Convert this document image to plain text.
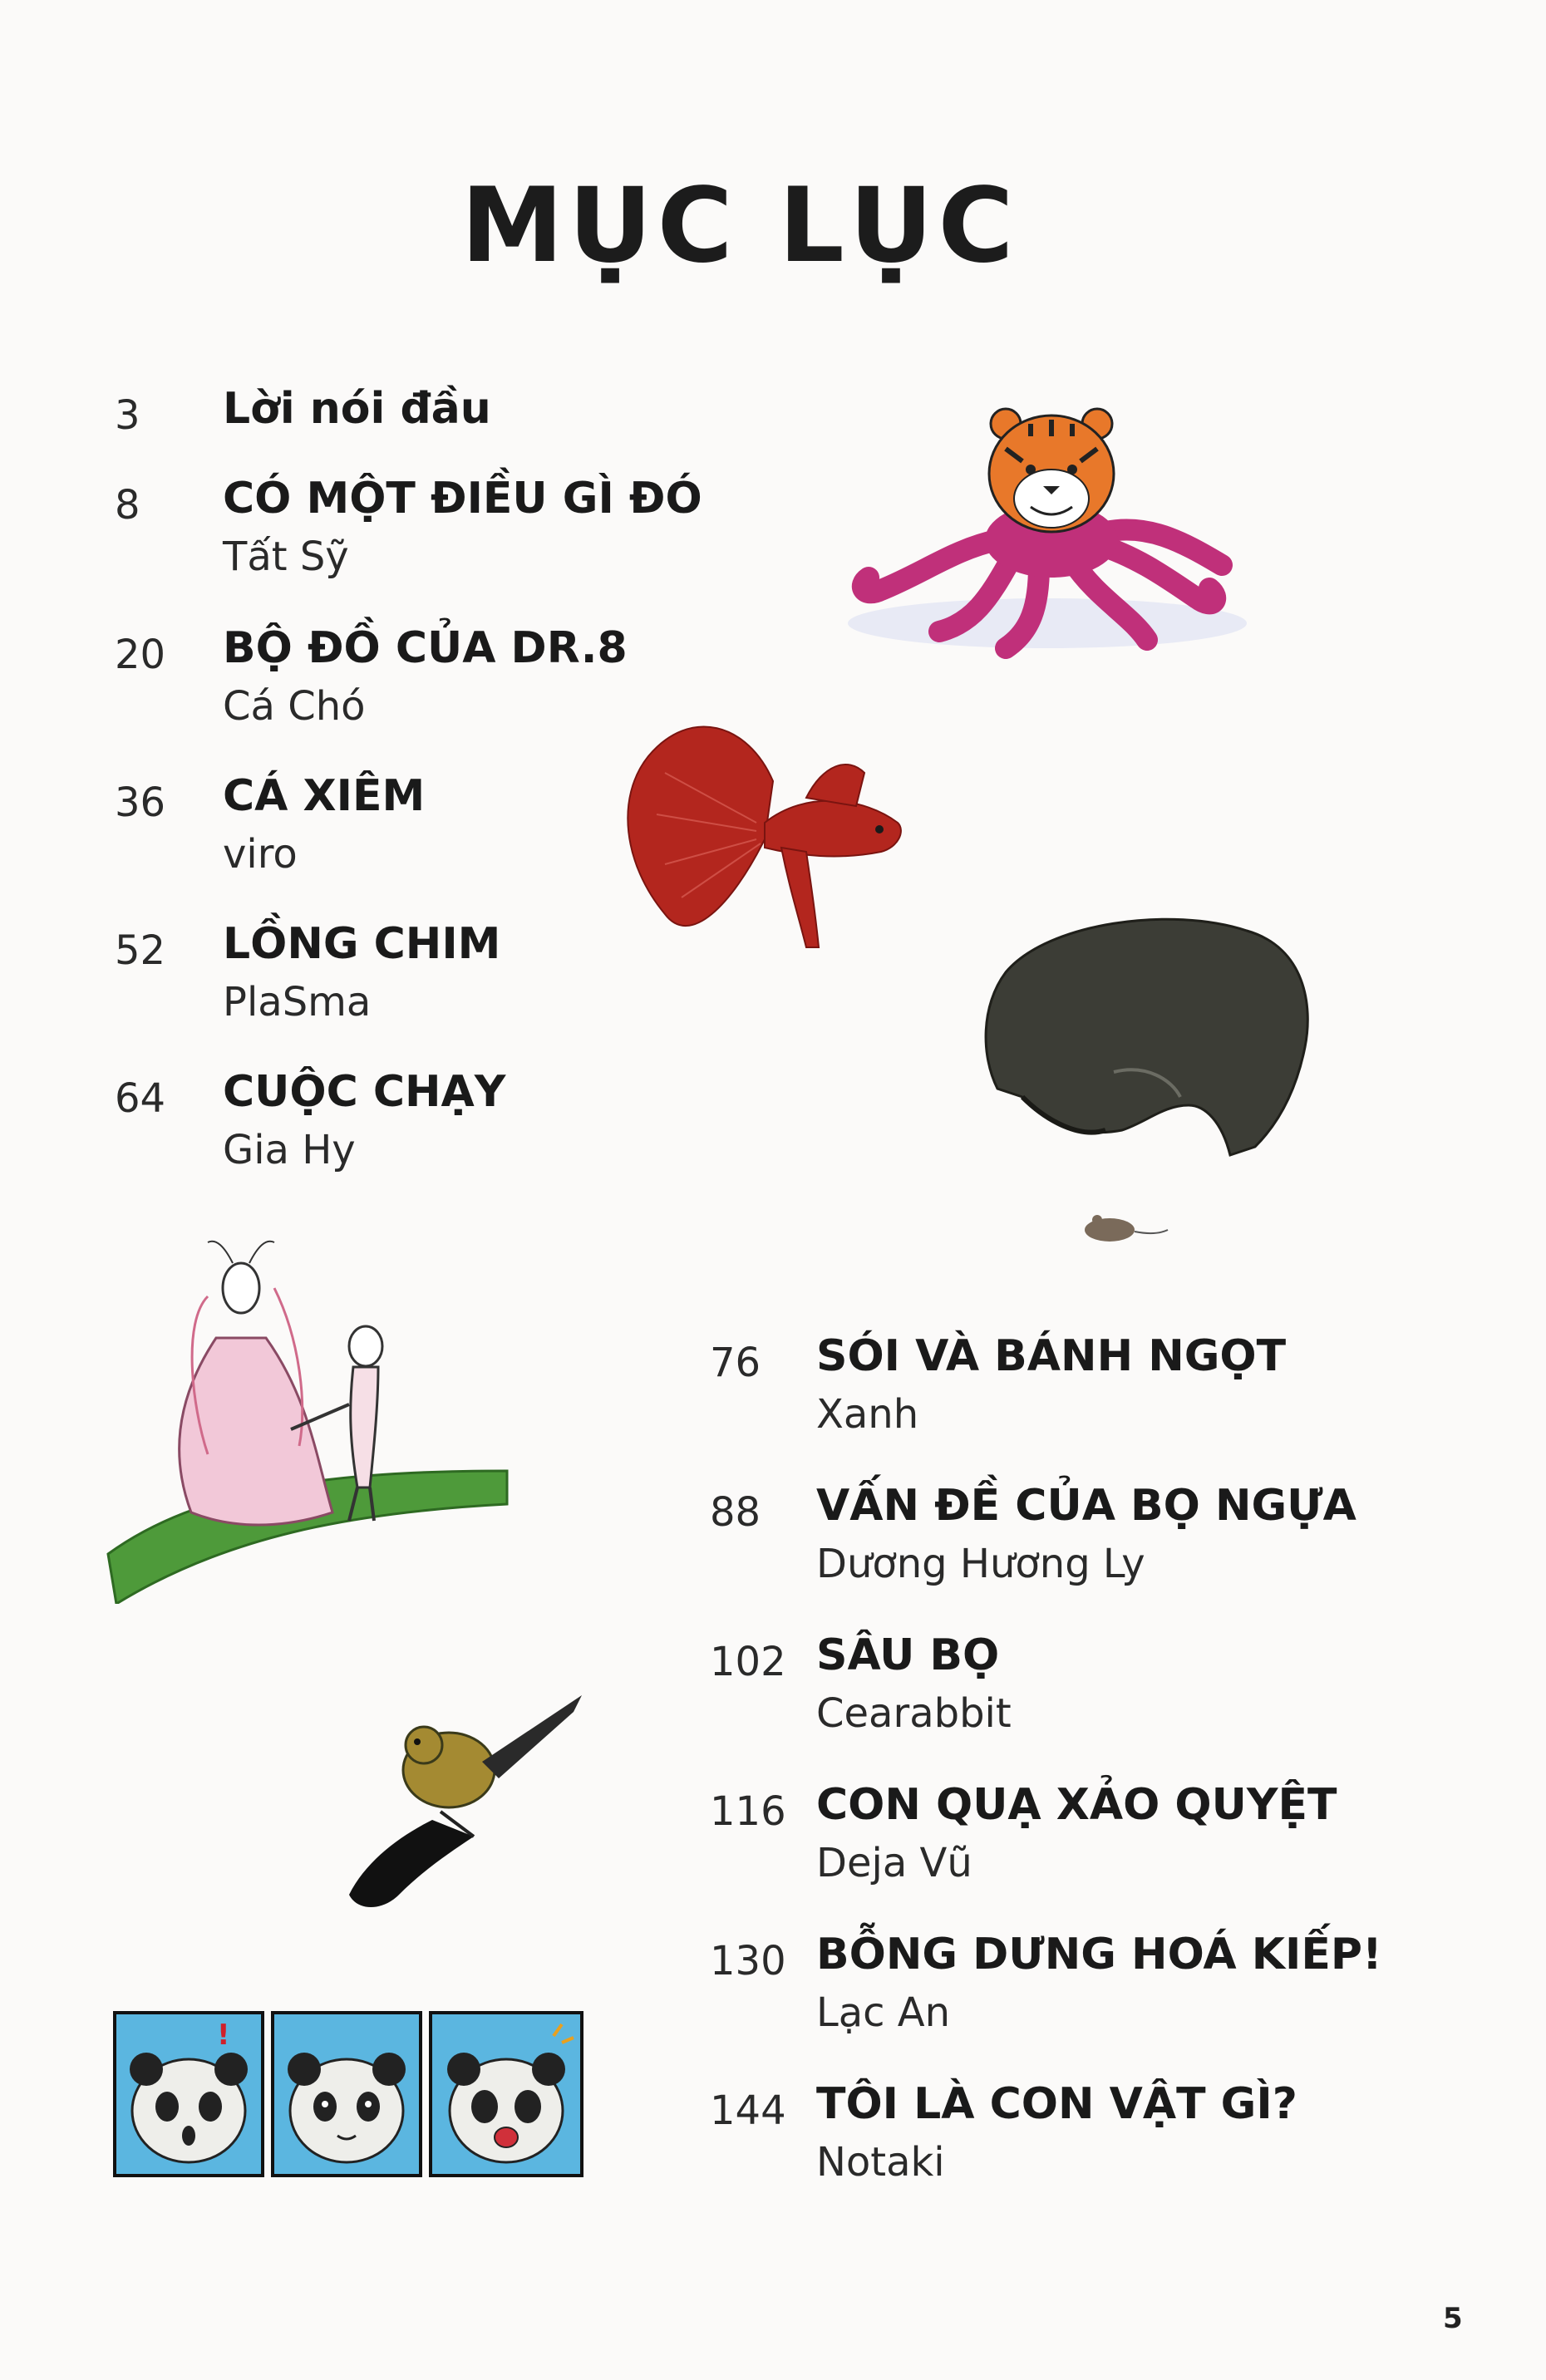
MỤC LỤC
3 Lời nói đầu
8 CÓ MỘT ĐIỀU GÌ ĐÓ
Tất Sỹ
20 BỘ ĐỒ CỦA DR.8
Cá Chó
36 CÁ XIÊM
viro
52 LỒNG CHIM
PlaSma
64 CUỘC CHẠY
Gia Hy
76 SÓI VÀ BÁNH NGỌT
Xanh
88 VẤN ĐỀ CỦA BỌ NGỰA
Dương Hương Ly
102 SÂU BỌ
Cearabbit
116 CON QUẠ XẢO QUYỆT
Deja Vũ
130 BỖNG DƯNG HOÁ KIẾP!
Lạc An
144 TÔI LÀ CON VẬT GÌ?
Notaki
!
5
